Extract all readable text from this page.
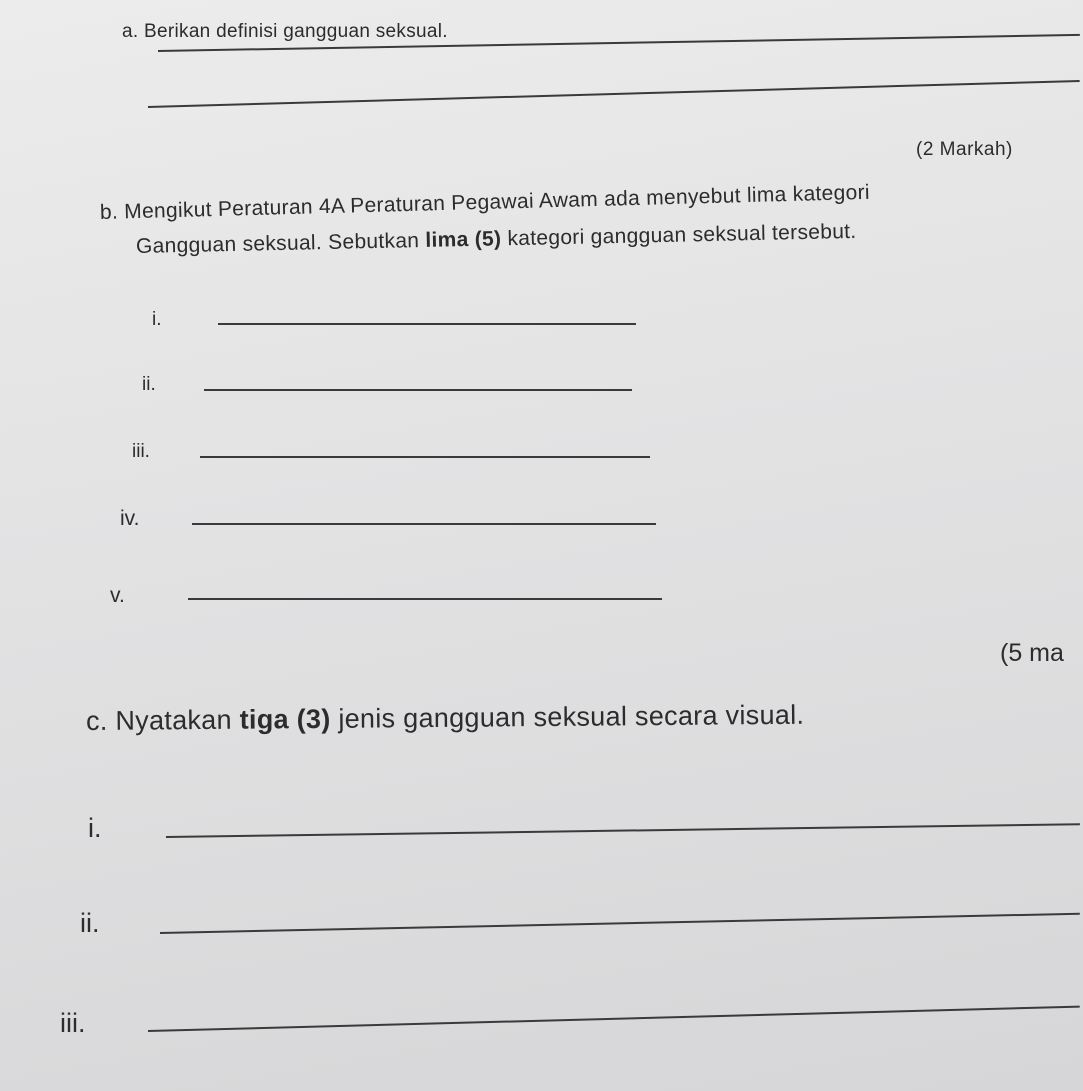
a. Berikan definisi gangguan seksual.
(2 Markah)
b. Mengikut Peraturan 4A Peraturan Pegawai Awam ada menyebut lima kategori
Gangguan seksual. Sebutkan lima (5) kategori gangguan seksual tersebut.
i.
ii.
iii.
iv.
v.
(5 ma
c. Nyatakan tiga (3) jenis gangguan seksual secara visual.
i.
ii.
iii.
